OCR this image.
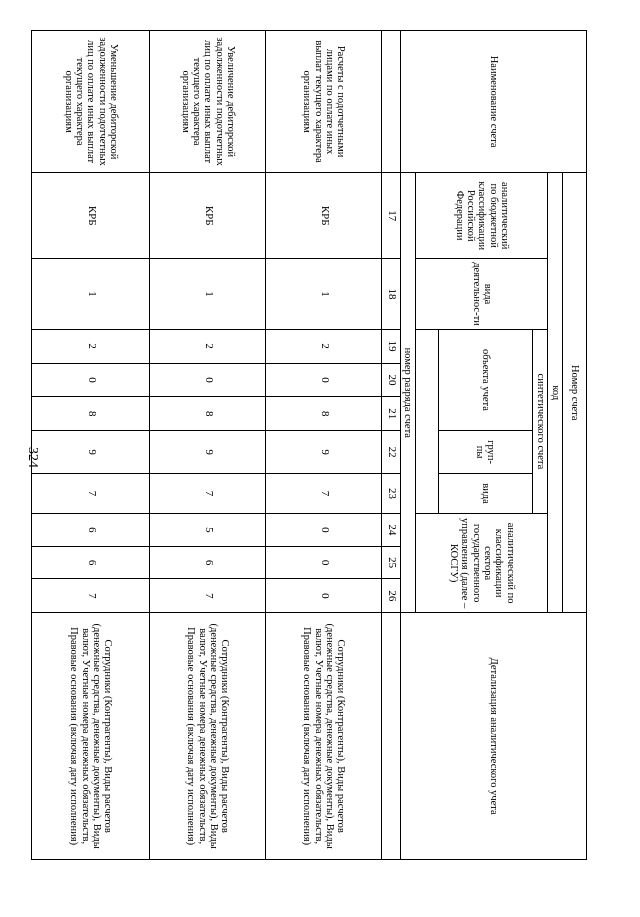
324
Наименование счета	Номер счета										Детализация аналитического учета
	код										
	аналитический по бюджетной классификации Российской Федерации	вида деятельнос-ти	синтетического счета					аналитический по классификации сектора государственного управления (далее – КОСГУ)			
			объекта учета			груп-пы	вида				

	номер разряда счета										
	17	18	19	20	21	22	23	24	25	26	
Расчеты с подотчетными лицами по оплате иных выплат текущего характера организациям	КРБ	1	2	0	8	9	7	0	0	0	Сотрудники (Контрагенты), Виды расчетов (денежные средства, денежные документы), Виды валют, Учетные номера денежных обязательств, Правовые основания (включая дату исполнения)
Увеличение дебиторской задолженности подотчетных лиц по оплате иных выплат текущего характера организациям	КРБ	1	2	0	8	9	7	5	6	7	Сотрудники (Контрагенты), Виды расчетов (денежные средства, денежные документы), Виды валют, Учетные номера денежных обязательств, Правовые основания (включая дату исполнения)
Уменьшение дебиторской задолженности подотчетных лиц по оплате иных выплат текущего характера организациям	КРБ	1	2	0	8	9	7	6	6	7	Сотрудники (Контрагенты), Виды расчетов (денежные средства, денежные документы), Виды валют, Учетные номера денежных обязательств, Правовые основания (включая дату исполнения)
